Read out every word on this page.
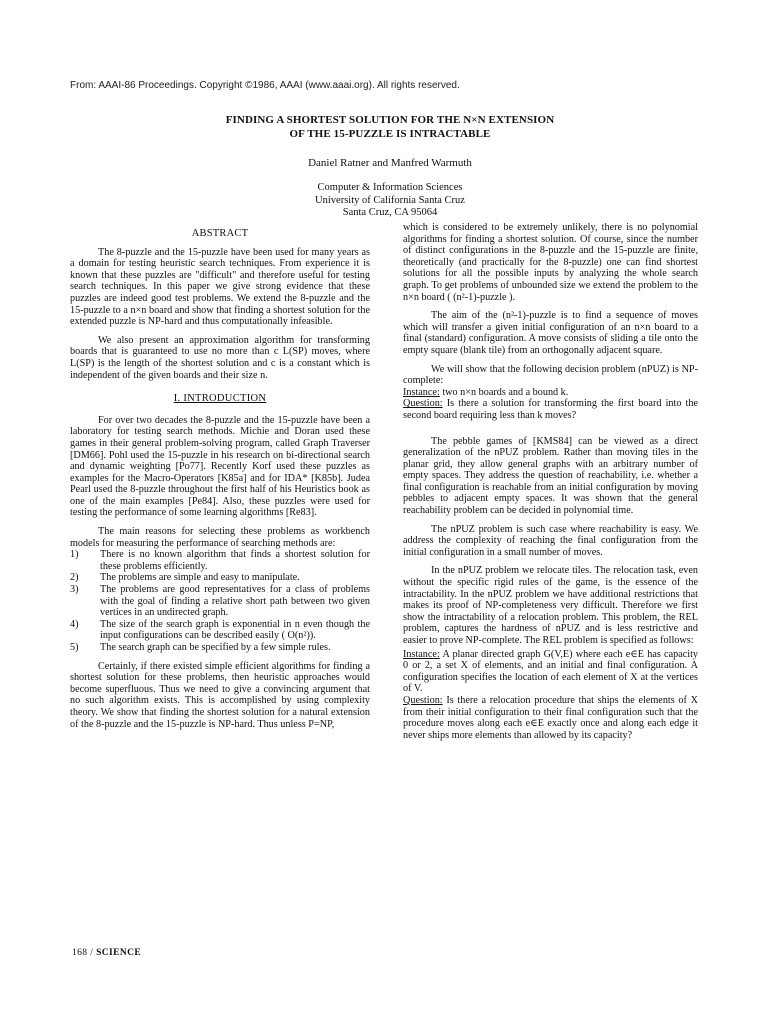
From: AAAI-86 Proceedings. Copyright ©1986, AAAI (www.aaai.org). All rights reserved.
FINDING A SHORTEST SOLUTION FOR THE N×N EXTENSION
OF THE 15-PUZZLE IS INTRACTABLE
Daniel Ratner and Manfred Warmuth
Computer & Information Sciences
University of California Santa Cruz
Santa Cruz, CA 95064
ABSTRACT

The 8-puzzle and the 15-puzzle have been used for many years as a domain for testing heuristic search techniques. From experience it is known that these puzzles are "difficult" and therefore useful for testing search techniques. In this paper we give strong evidence that these puzzles are indeed good test problems. We extend the 8-puzzle and the 15-puzzle to a n×n board and show that finding a shortest solution for the extended puzzle is NP-hard and thus computationally infeasible.

We also present an approximation algorithm for transforming boards that is guaranteed to use no more than c L(SP) moves, where L(SP) is the length of the shortest solution and c is a constant which is independent of the given boards and their size n.

I. INTRODUCTION

For over two decades the 8-puzzle and the 15-puzzle have been a laboratory for testing search methods. Michie and Doran used these games in their general problem-solving program, called Graph Traverser [DM66]. Pohl used the 15-puzzle in his research on bi-directional search and dynamic weighting [Po77]. Recently Korf used these puzzles as examples for the Macro-Operators [K85a] and for IDA* [K85b]. Judea Pearl used the 8-puzzle throughout the first half of his Heuristics book as one of the main examples [Pe84]. Also, these puzzles were used for testing the performance of some learning algorithms [Re83].

The main reasons for selecting these problems as workbench models for measuring the performance of searching methods are:

1) There is no known algorithm that finds a shortest solution for these problems efficiently.
2) The problems are simple and easy to manipulate.
3) The problems are good representatives for a class of problems with the goal of finding a relative short path between two given vertices in an undirected graph.
4) The size of the search graph is exponential in n even though the input configurations can be described easily ( O(n²)).
5) The search graph can be specified by a few simple rules.

Certainly, if there existed simple efficient algorithms for finding a shortest solution for these problems, then heuristic approaches would become superfluous. Thus we need to give a convincing argument that no such algorithm exists. This is accomplished by using complexity theory. We show that finding the shortest solution for a natural extension of the 8-puzzle and the 15-puzzle is NP-hard. Thus unless P=NP,

which is considered to be extremely unlikely, there is no polynomial algorithms for finding a shortest solution. Of course, since the number of distinct configurations in the 8-puzzle and the 15-puzzle are finite, theoretically (and practically for the 8-puzzle) one can find shortest solutions for all the possible inputs by analyzing the whole search graph. To get problems of unbounded size we extend the problem to the n×n board ( (n²-1)-puzzle ).

The aim of the (n²-1)-puzzle is to find a sequence of moves which will transfer a given initial configuration of an n×n board to a final (standard) configuration. A move consists of sliding a tile onto the empty square (blank tile) from an orthogonally adjacent square.

We will show that the following decision problem (nPUZ) is NP-complete:

Instance: two n×n boards and a bound k.

Question: Is there a solution for transforming the first board into the second board requiring less than k moves?

The pebble games of [KMS84] can be viewed as a direct generalization of the nPUZ problem. Rather than moving tiles in the planar grid, they allow general graphs with an arbitrary number of empty spaces. They address the question of reachability, i.e. whether a final configuration is reachable from an initial configuration by moving pebbles to adjacent empty spaces. It was shown that the general reachability problem can be decided in polynomial time.

The nPUZ problem is such case where reachability is easy. We address the complexity of reaching the final configuration from the initial configuration in a small number of moves.

In the nPUZ problem we relocate tiles. The relocation task, even without the specific rigid rules of the game, is the essence of the intractability. In the nPUZ problem we have additional restrictions that makes its proof of NP-completeness very difficult. Therefore we first show the intractability of a relocation problem. This problem, the REL problem, captures the hardness of nPUZ and is less restrictive and easier to prove NP-complete. The REL problem is specified as follows:

Instance: A planar directed graph G(V,E) where each e∈E has capacity 0 or 2, a set X of elements, and an initial and final configuration. A configuration specifies the location of each element of X at the vertices of V.

Question: Is there a relocation procedure that ships the elements of X from their initial configuration to their final configuration such that the procedure moves along each e∈E exactly once and along each edge it never ships more elements than allowed by its capacity?

168 / SCIENCE
